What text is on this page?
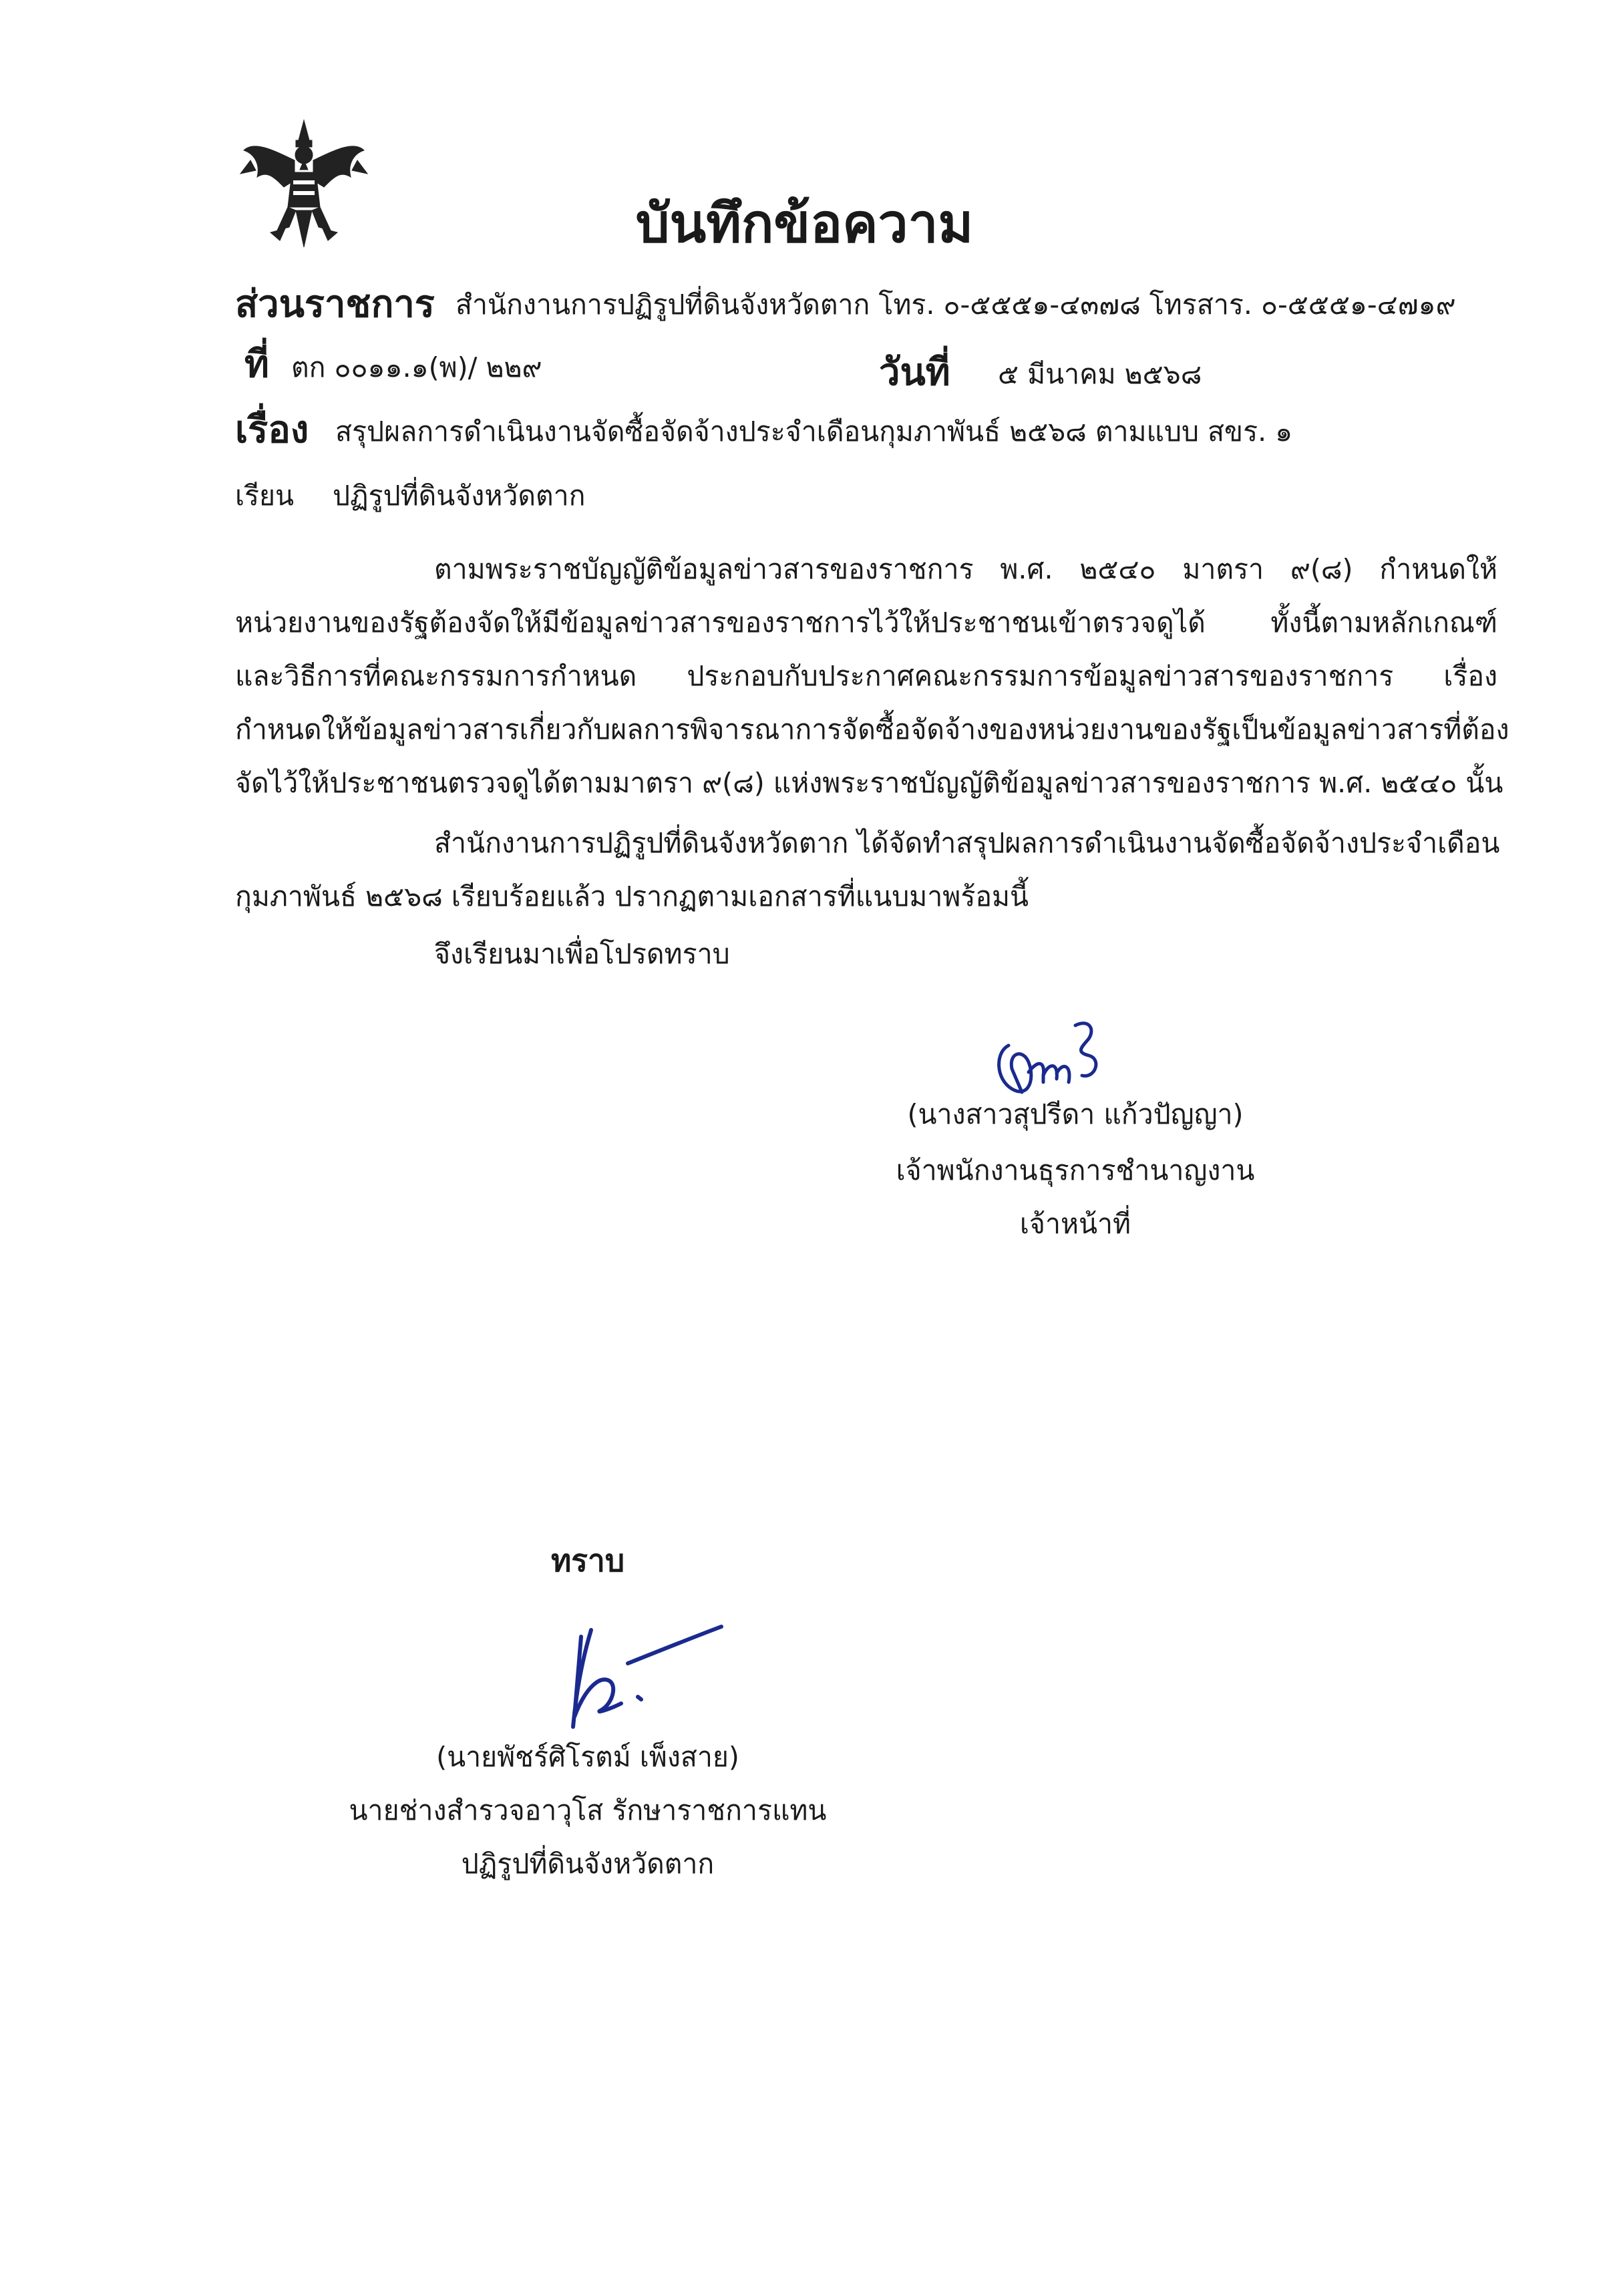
บันทึกข้อความ
ส่วนราชการ สำนักงานการปฏิรูปที่ดินจังหวัดตาก โทร. ๐-๕๕๕๑-๔๓๗๘ โทรสาร. ๐-๕๕๕๑-๔๗๑๙
ที่ ตก ๐๐๑๑.๑(พ)/ ๒๒๙	วันที่ ๕ มีนาคม ๒๕๖๘
เรื่อง สรุปผลการดำเนินงานจัดซื้อจัดจ้างประจำเดือนกุมภาพันธ์ ๒๕๖๘ ตามแบบ สขร. ๑
เรียน ปฏิรูปที่ดินจังหวัดตาก
ตามพระราชบัญญัติข้อมูลข่าวสารของราชการ พ.ศ. ๒๕๔๐ มาตรา ๙(๘) กำหนดให้
หน่วยงานของรัฐต้องจัดให้มีข้อมูลข่าวสารของราชการไว้ให้ประชาชนเข้าตรวจดูได้ ทั้งนี้ตามหลักเกณฑ์
และวิธีการที่คณะกรรมการกำหนด ประกอบกับประกาศคณะกรรมการข้อมูลข่าวสารของราชการ เรื่อง
กำหนดให้ข้อมูลข่าวสารเกี่ยวกับผลการพิจารณาการจัดซื้อจัดจ้างของหน่วยงานของรัฐเป็นข้อมูลข่าวสารที่ต้อง
จัดไว้ให้ประชาชนตรวจดูได้ตามมาตรา ๙(๘) แห่งพระราชบัญญัติข้อมูลข่าวสารของราชการ พ.ศ. ๒๕๔๐ นั้น
สำนักงานการปฏิรูปที่ดินจังหวัดตาก ได้จัดทำสรุปผลการดำเนินงานจัดซื้อจัดจ้างประจำเดือน
กุมภาพันธ์ ๒๕๖๘ เรียบร้อยแล้ว ปรากฏตามเอกสารที่แนบมาพร้อมนี้
จึงเรียนมาเพื่อโปรดทราบ
(นางสาวสุปรีดา แก้วปัญญา)
เจ้าพนักงานธุรการชำนาญงาน
เจ้าหน้าที่
ทราบ
(นายพัชร์ศิโรตม์ เพ็งสาย)
นายช่างสำรวจอาวุโส รักษาราชการแทน
ปฏิรูปที่ดินจังหวัดตาก
